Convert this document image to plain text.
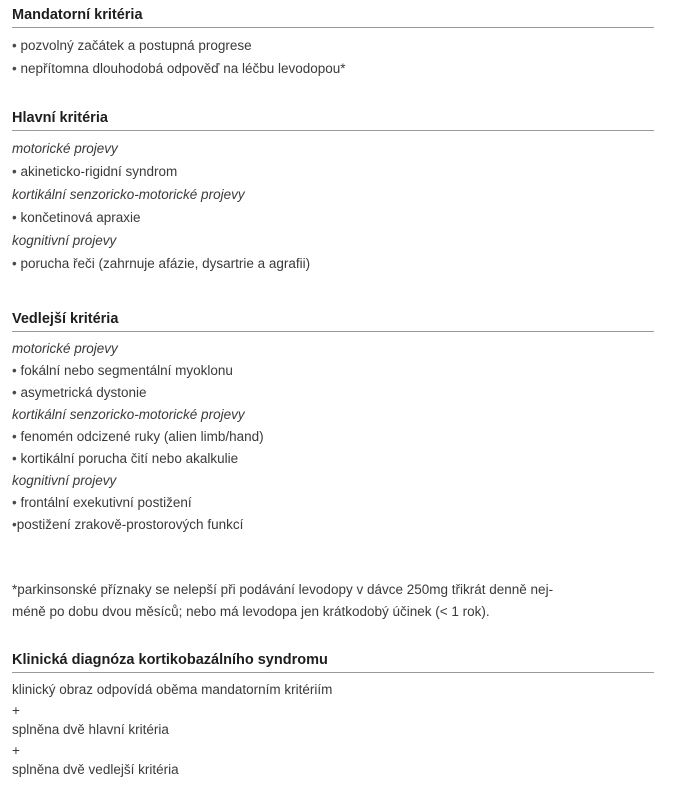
Mandatorní kritéria
• pozvolný začátek a postupná progrese
• nepřítomna dlouhodobá odpověď na léčbu levodopou*
Hlavní kritéria
motorické projevy
• akineticko-rigidní syndrom
kortikální senzoricko-motorické projevy
• končetinová apraxie
kognitivní projevy
• porucha řeči (zahrnuje afázie, dysartrie a agrafii)
Vedlejší kritéria
motorické projevy
• fokální nebo segmentální myoklonu
• asymetrická dystonie
kortikální senzoricko-motorické projevy
• fenomén odcizené ruky (alien limb/hand)
• kortikální porucha čití nebo akalkulie
kognitivní projevy
• frontální exekutivní postižení
• postižení zrakově-prostorových funkcí
*parkinsonské příznaky se nelepší při podávání levodopy v dávce 250mg třikrát denně nej-
méně po dobu dvou měsíců; nebo má levodopa jen krátkodobý účinek (< 1 rok).
Klinická diagnóza kortikobazálního syndromu
klinický obraz odpovídá oběma mandatorním kritériím
+
splněna dvě hlavní kritéria
+
splněna dvě vedlejší kritéria
